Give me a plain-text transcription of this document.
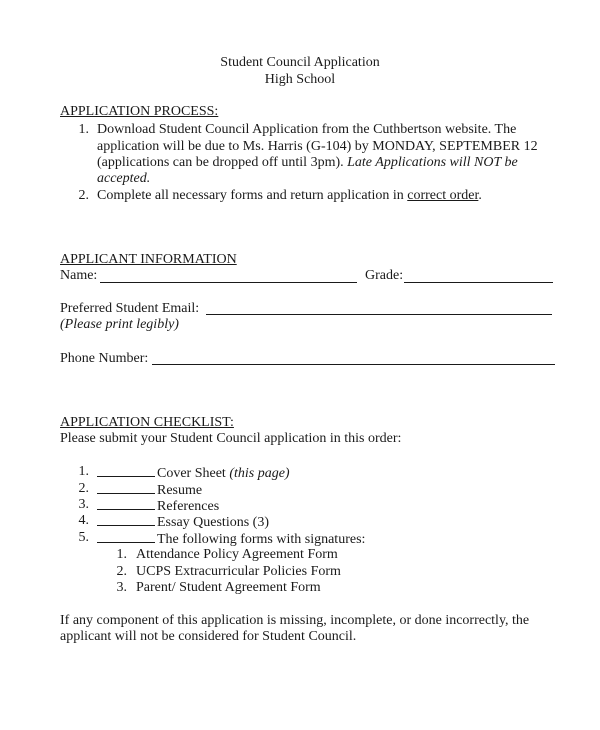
Student Council Application
High School
APPLICATION PROCESS:
1. Download Student Council Application from the Cuthbertson website. The
application will be due to Ms. Harris (G-104) by MONDAY, SEPTEMBER 12
(applications can be dropped off until 3pm). Late Applications will NOT be
accepted.
2. Complete all necessary forms and return application in correct order.
APPLICANT INFORMATION
Name:	Grade:
Preferred Student Email:
(Please print legibly)
Phone Number:
APPLICATION CHECKLIST:
Please submit your Student Council application in this order:
1.	Cover Sheet (this page)
2.	Resume
3.	References
4.	Essay Questions (3)
5.	The following forms with signatures:
1. Attendance Policy Agreement Form
2. UCPS Extracurricular Policies Form
3. Parent/ Student Agreement Form
If any component of this application is missing, incomplete, or done incorrectly, the
applicant will not be considered for Student Council.
